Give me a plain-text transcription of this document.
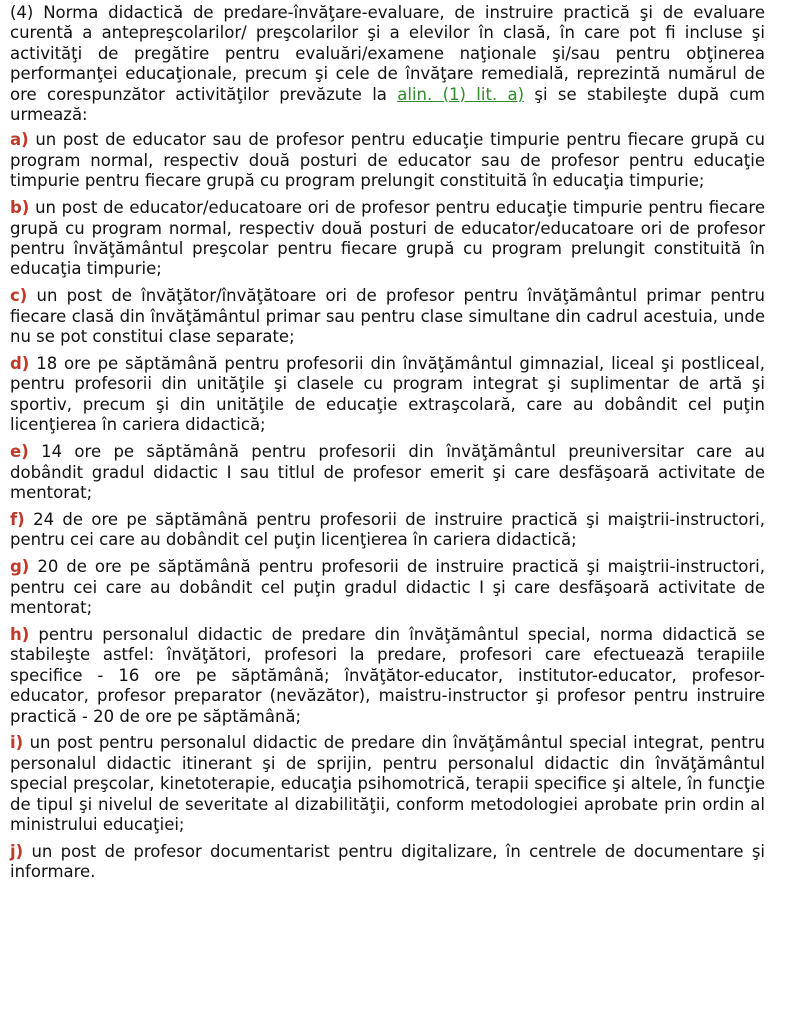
(4) Norma didactică de predare-învăţare-evaluare, de instruire practică şi de evaluare curentă a antepreşcolarilor/ preşcolarilor şi a elevilor în clasă, în care pot fi incluse şi activităţi de pregătire pentru evaluări/examene naţionale şi/sau pentru obţinerea performanţei educaţionale, precum şi cele de învăţare remedială, reprezintă numărul de ore corespunzător activităţilor prevăzute la alin. (1) lit. a) şi se stabileşte după cum urmează:

a) un post de educator sau de profesor pentru educaţie timpurie pentru fiecare grupă cu program normal, respectiv două posturi de educator sau de profesor pentru educaţie timpurie pentru fiecare grupă cu program prelungit constituită în educaţia timpurie;

b) un post de educator/educatoare ori de profesor pentru educaţie timpurie pentru fiecare grupă cu program normal, respectiv două posturi de educator/educatoare ori de profesor pentru învăţământul preşcolar pentru fiecare grupă cu program prelungit constituită în educaţia timpurie;

c) un post de învăţător/învăţătoare ori de profesor pentru învăţământul primar pentru fiecare clasă din învăţământul primar sau pentru clase simultane din cadrul acestuia, unde nu se pot constitui clase separate;

d) 18 ore pe săptămână pentru profesorii din învăţământul gimnazial, liceal şi postliceal, pentru profesorii din unităţile şi clasele cu program integrat şi suplimentar de artă şi sportiv, precum şi din unităţile de educaţie extraşcolară, care au dobândit cel puţin licenţierea în cariera didactică;

e) 14 ore pe săptămână pentru profesorii din învăţământul preuniversitar care au dobândit gradul didactic I sau titlul de profesor emerit şi care desfăşoară activitate de mentorat;

f) 24 de ore pe săptămână pentru profesorii de instruire practică şi maiştrii-instructori, pentru cei care au dobândit cel puţin licenţierea în cariera didactică;

g) 20 de ore pe săptămână pentru profesorii de instruire practică şi maiştrii-instructori, pentru cei care au dobândit cel puţin gradul didactic I şi care desfăşoară activitate de mentorat;

h) pentru personalul didactic de predare din învăţământul special, norma didactică se stabileşte astfel: învăţători, profesori la predare, profesori care efectuează terapiile specifice - 16 ore pe săptămână; învăţător-educator, institutor-educator, profesor-educator, profesor preparator (nevăzător), maistru-instructor şi profesor pentru instruire practică - 20 de ore pe săptămână;

i) un post pentru personalul didactic de predare din învăţământul special integrat, pentru personalul didactic itinerant şi de sprijin, pentru personalul didactic din învăţământul special preşcolar, kinetoterapie, educaţia psihomotrică, terapii specifice şi altele, în funcţie de tipul şi nivelul de severitate al dizabilităţii, conform metodologiei aprobate prin ordin al ministrului educaţiei;

j) un post de profesor documentarist pentru digitalizare, în centrele de documentare şi informare.
